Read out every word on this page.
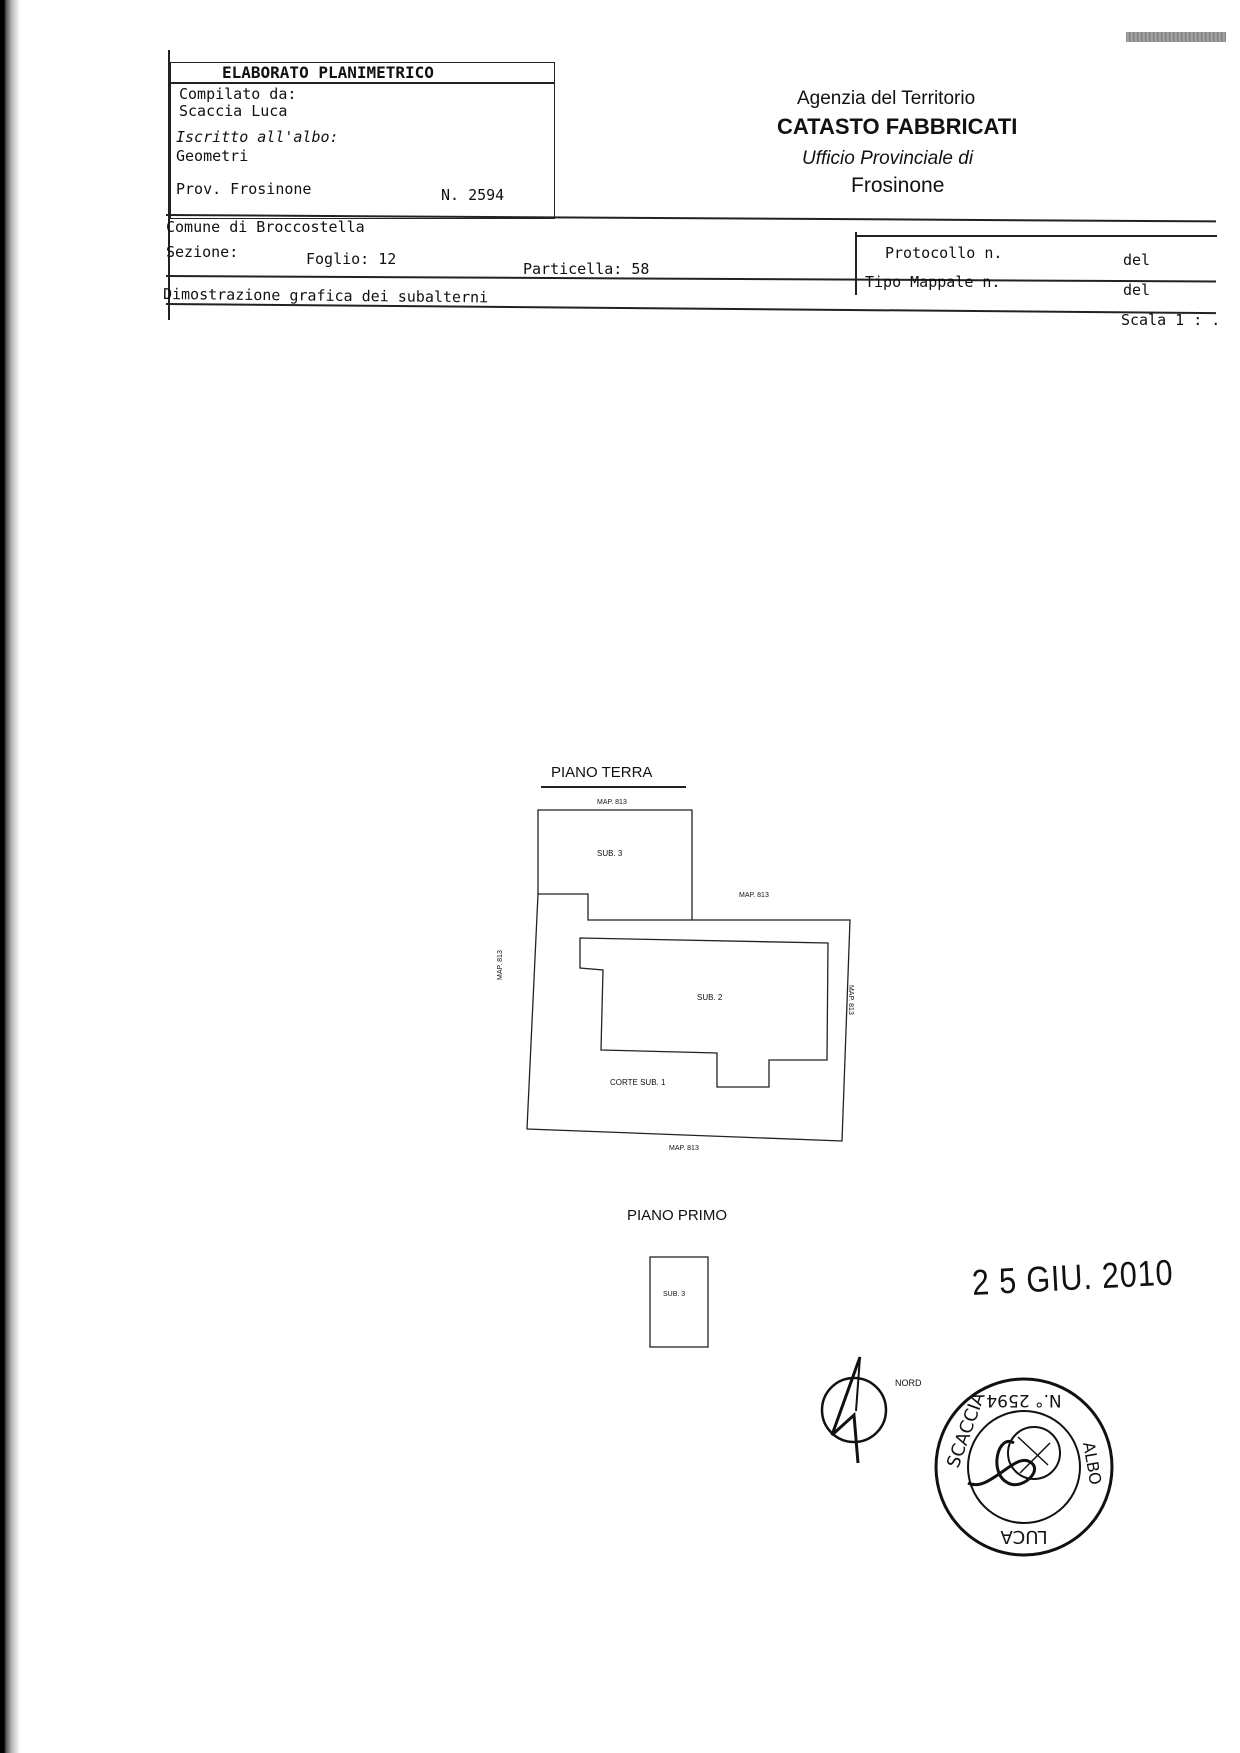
ELABORATO PLANIMETRICO
Compilato da:
Scaccia Luca
Iscritto all'albo:
Geometri
Prov. Frosinone	N. 2594
Agenzia del Territorio
CATASTO FABBRICATI
Ufficio Provinciale di
Frosinone
Comune di Broccostella
Sezione:	Foglio: 12
Particella: 58
Protocollo n.	del
Tipo Mappale n.	del
Dimostrazione grafica dei subalterni
Scala 1 : .
PIANO TERRA
MAP. 813
SUB. 3
MAP. 813
MAP. 813
MAP. 813
SUB. 2
CORTE SUB. 1
MAP. 813
PIANO PRIMO
SUB. 3	2 5 GIU. 2010
NORD
N.° 2594
SCACCIA	ALBO
LUCA
